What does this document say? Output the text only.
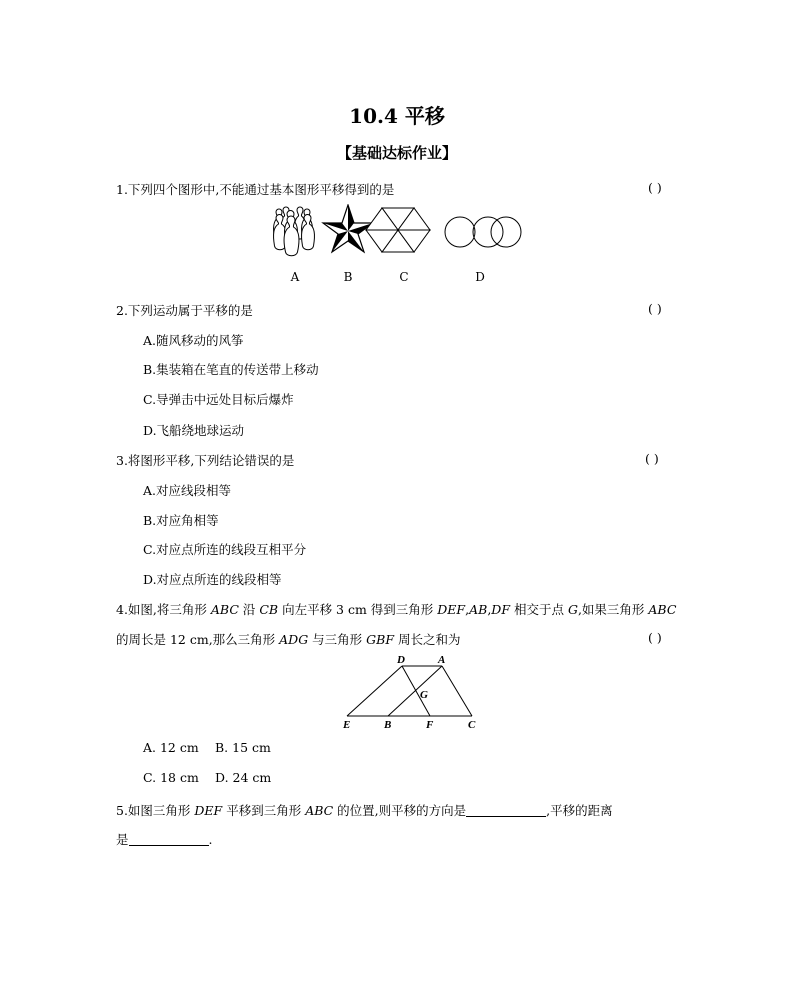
10.4 平移
【基础达标作业】
1.下列四个图形中,不能通过基本图形平移得到的是	( )
A	B	C	D
2.下列运动属于平移的是	( )
A.随风移动的风筝
B.集装箱在笔直的传送带上移动
C.导弹击中远处目标后爆炸
D.飞船绕地球运动
3.将图形平移,下列结论错误的是	( )
A.对应线段相等
B.对应角相等
C.对应点所连的线段互相平分
D.对应点所连的线段相等
4.如图,将三角形 ABC 沿 CB 向左平移 3 cm 得到三角形 DEF,AB,DF 相交于点 G,如果三角形 ABC
的周长是 12 cm,那么三角形 ADG 与三角形 GBF 周长之和为	( )
D	A
G
E	B	F	C
A. 12 cm B. 15 cm
C. 18 cm D. 24 cm
5.如图三角形 DEF 平移到三角形 ABC 的位置,则平移的方向是	,平移的距离
是	.
